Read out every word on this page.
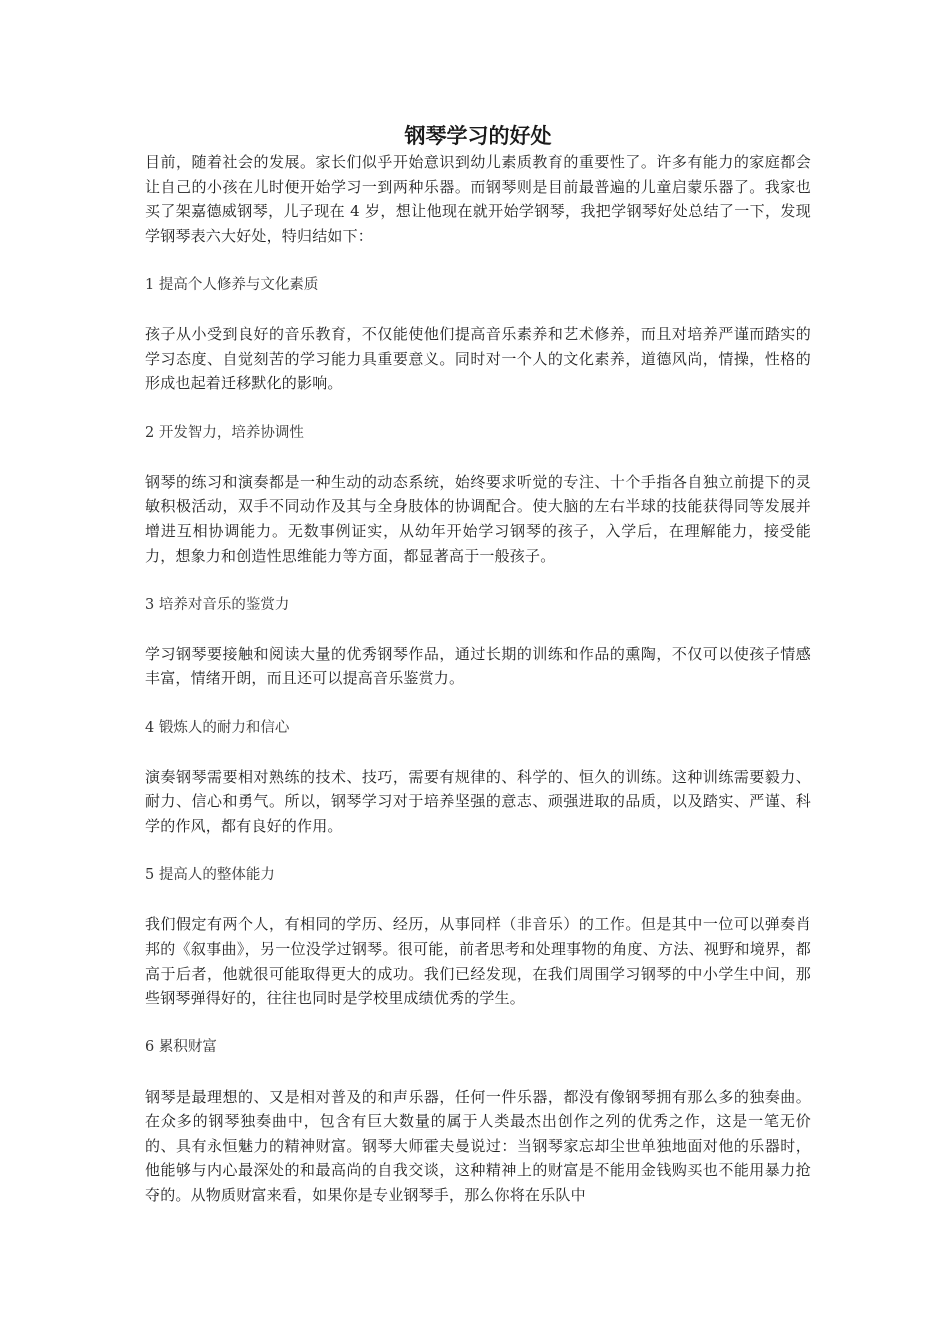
钢琴学习的好处

目前，随着社会的发展。家长们似乎开始意识到幼儿素质教育的重要性了。许多有能力的家庭都会让自己的小孩在儿时便开始学习一到两种乐器。而钢琴则是目前最普遍的儿童启蒙乐器了。我家也买了架嘉德威钢琴，儿子现在 4 岁，想让他现在就开始学钢琴，我把学钢琴好处总结了一下，发现学钢琴表六大好处，特归结如下：

1 提高个人修养与文化素质

孩子从小受到良好的音乐教育，不仅能使他们提高音乐素养和艺术修养，而且对培养严谨而踏实的学习态度、自觉刻苦的学习能力具重要意义。同时对一个人的文化素养，道德风尚，情操，性格的形成也起着迁移默化的影响。

2 开发智力，培养协调性

钢琴的练习和演奏都是一种生动的动态系统，始终要求听觉的专注、十个手指各自独立前提下的灵敏积极活动，双手不同动作及其与全身肢体的协调配合。使大脑的左右半球的技能获得同等发展并增进互相协调能力。无数事例证实，从幼年开始学习钢琴的孩子，入学后，在理解能力，接受能力，想象力和创造性思维能力等方面，都显著高于一般孩子。

3 培养对音乐的鉴赏力

学习钢琴要接触和阅读大量的优秀钢琴作品，通过长期的训练和作品的熏陶，不仅可以使孩子情感丰富，情绪开朗，而且还可以提高音乐鉴赏力。

4 锻炼人的耐力和信心

演奏钢琴需要相对熟练的技术、技巧，需要有规律的、科学的、恒久的训练。这种训练需要毅力、耐力、信心和勇气。所以，钢琴学习对于培养坚强的意志、顽强进取的品质，以及踏实、严谨、科学的作风，都有良好的作用。

5 提高人的整体能力

我们假定有两个人，有相同的学历、经历，从事同样（非音乐）的工作。但是其中一位可以弹奏肖邦的《叙事曲》，另一位没学过钢琴。很可能，前者思考和处理事物的角度、方法、视野和境界，都高于后者，他就很可能取得更大的成功。我们已经发现，在我们周围学习钢琴的中小学生中间，那些钢琴弹得好的，往往也同时是学校里成绩优秀的学生。

6 累积财富

钢琴是最理想的、又是相对普及的和声乐器，任何一件乐器，都没有像钢琴拥有那么多的独奏曲。在众多的钢琴独奏曲中，包含有巨大数量的属于人类最杰出创作之列的优秀之作，这是一笔无价的、具有永恒魅力的精神财富。钢琴大师霍夫曼说过：当钢琴家忘却尘世单独地面对他的乐器时，他能够与内心最深处的和最高尚的自我交谈，这种精神上的财富是不能用金钱购买也不能用暴力抢夺的。从物质财富来看，如果你是专业钢琴手，那么你将在乐队中
